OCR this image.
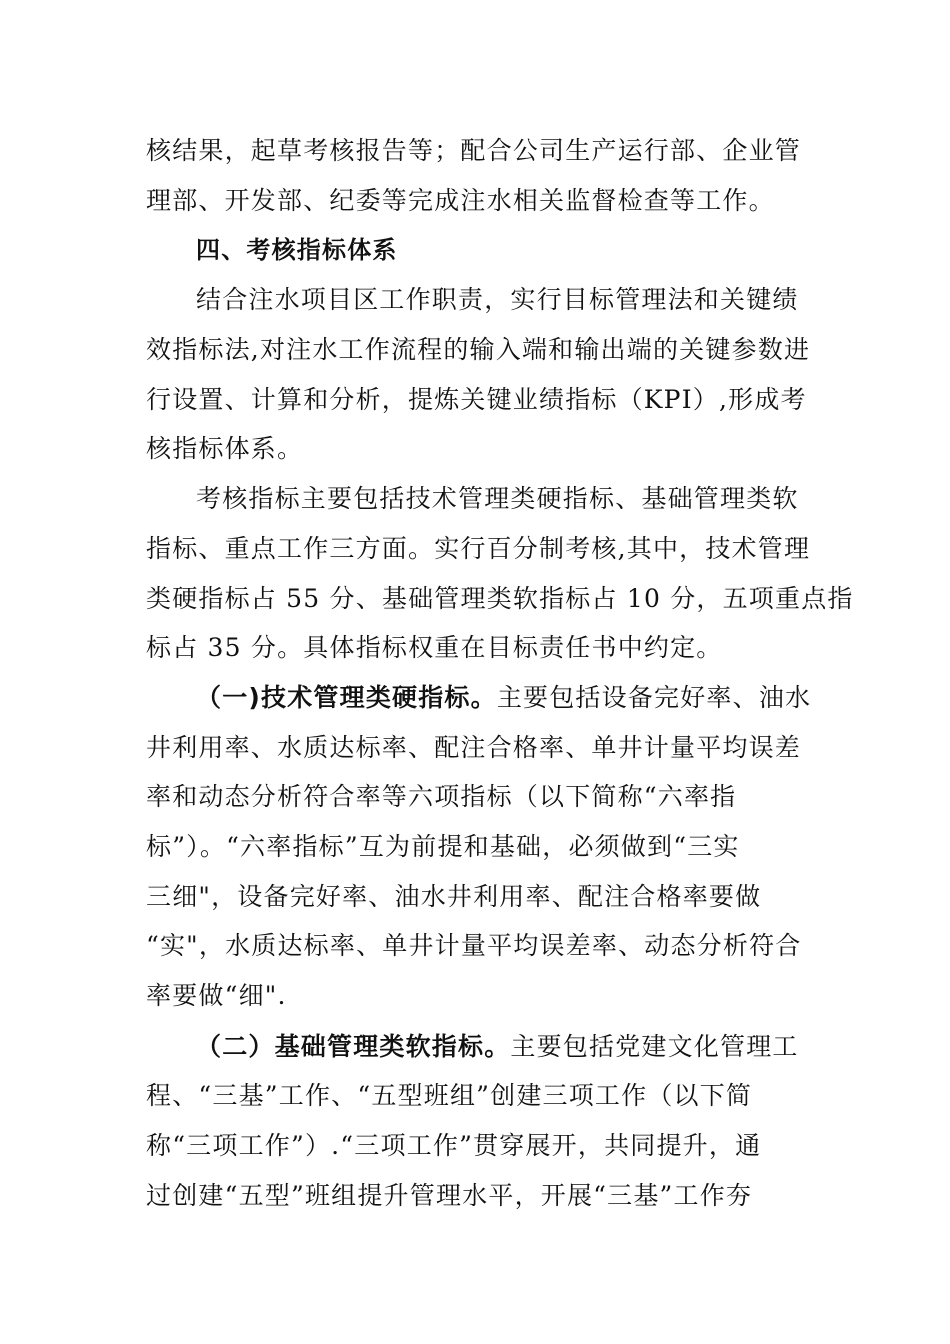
核结果，起草考核报告等；配合公司生产运行部、企业管
理部、开发部、纪委等完成注水相关监督检查等工作。
四、考核指标体系
结合注水项目区工作职责，实行目标管理法和关键绩
效指标法,对注水工作流程的输入端和输出端的关键参数进
行设置、计算和分析，提炼关键业绩指标（KPI）,形成考
核指标体系。
考核指标主要包括技术管理类硬指标、基础管理类软
指标、重点工作三方面。实行百分制考核,其中，技术管理
类硬指标占 55 分、基础管理类软指标占 10 分，五项重点指
标占 35 分。具体指标权重在目标责任书中约定。
（一)技术管理类硬指标。主要包括设备完好率、油水
井利用率、水质达标率、配注合格率、单井计量平均误差
率和动态分析符合率等六项指标（以下简称“六率指
标”）。“六率指标”互为前提和基础，必须做到“三实
三细"，设备完好率、油水井利用率、配注合格率要做
“实"，水质达标率、单井计量平均误差率、动态分析符合
率要做“细".
（二）基础管理类软指标。主要包括党建文化管理工
程、“三基”工作、“五型班组”创建三项工作（以下简
称“三项工作”）.“三项工作”贯穿展开，共同提升，通
过创建“五型”班组提升管理水平，开展“三基”工作夯
